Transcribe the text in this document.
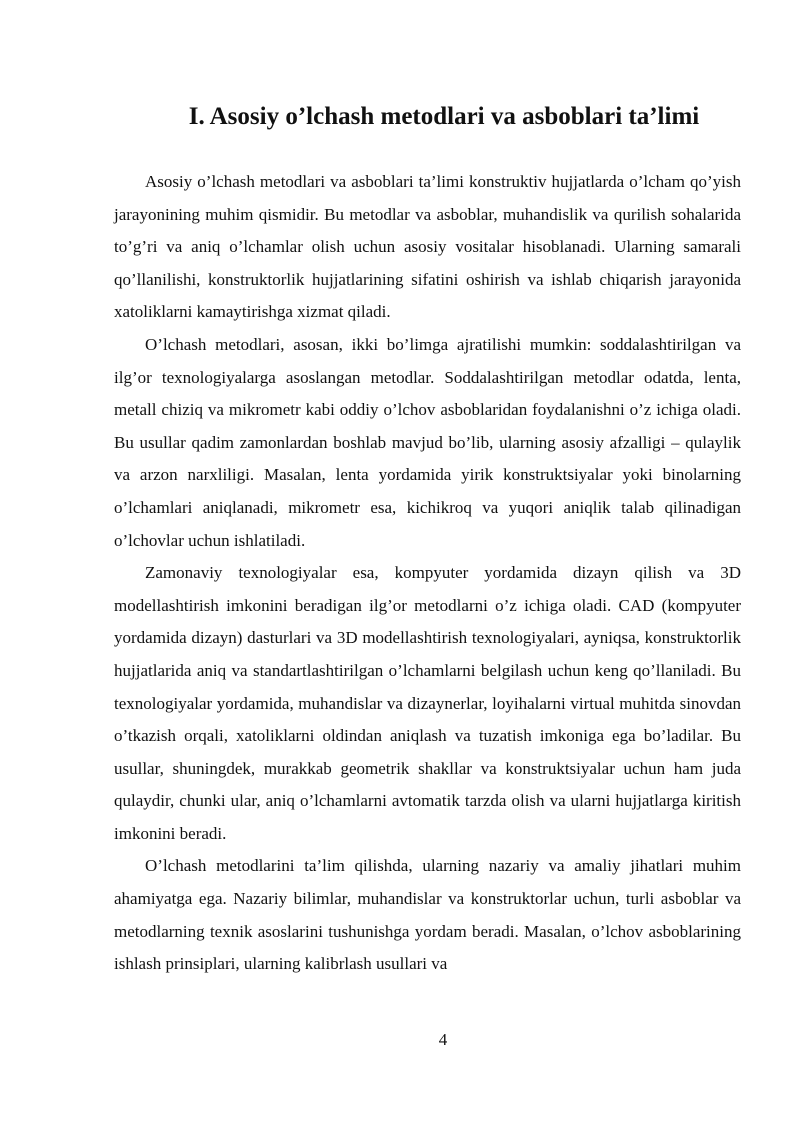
I. Asosiy o’lchash metodlari va asboblari ta’limi

Asosiy o’lchash metodlari va asboblari ta’limi konstruktiv hujjatlarda o’lcham qo’yish jarayonining muhim qismidir. Bu metodlar va asboblar, muhandislik va qurilish sohalarida to’g’ri va aniq o’lchamlar olish uchun asosiy vositalar hisoblanadi. Ularning samarali qo’llanilishi, konstruktorlik hujjatlarining sifatini oshirish va ishlab chiqarish jarayonida xatoliklarni kamaytirishga xizmat qiladi.

O’lchash metodlari, asosan, ikki bo’limga ajratilishi mumkin: soddalashtirilgan va ilg’or texnologiyalarga asoslangan metodlar. Soddalashtirilgan metodlar odatda, lenta, metall chiziq va mikrometr kabi oddiy o’lchov asboblaridan foydalanishni o’z ichiga oladi. Bu usullar qadim zamonlardan boshlab mavjud bo’lib, ularning asosiy afzalligi – qulaylik va arzon narxliligi. Masalan, lenta yordamida yirik konstruktsiyalar yoki binolarning o’lchamlari aniqlanadi, mikrometr esa, kichikroq va yuqori aniqlik talab qilinadigan o’lchovlar uchun ishlatiladi.

Zamonaviy texnologiyalar esa, kompyuter yordamida dizayn qilish va 3D modellashtirish imkonini beradigan ilg’or metodlarni o’z ichiga oladi. CAD (kompyuter yordamida dizayn) dasturlari va 3D modellashtirish texnologiyalari, ayniqsa, konstruktorlik hujjatlarida aniq va standartlashtirilgan o’lchamlarni belgilash uchun keng qo’llaniladi. Bu texnologiyalar yordamida, muhandislar va dizaynerlar, loyihalarni virtual muhitda sinovdan o’tkazish orqali, xatoliklarni oldindan aniqlash va tuzatish imkoniga ega bo’ladilar. Bu usullar, shuningdek, murakkab geometrik shakllar va konstruktsiyalar uchun ham juda qulaydir, chunki ular, aniq o’lchamlarni avtomatik tarzda olish va ularni hujjatlarga kiritish imkonini beradi.

O’lchash metodlarini ta’lim qilishda, ularning nazariy va amaliy jihatlari muhim ahamiyatga ega. Nazariy bilimlar, muhandislar va konstruktorlar uchun, turli asboblar va metodlarning texnik asoslarini tushunishga yordam beradi. Masalan, o’lchov asboblarining ishlash prinsiplari, ularning kalibrlash usullari va

4
